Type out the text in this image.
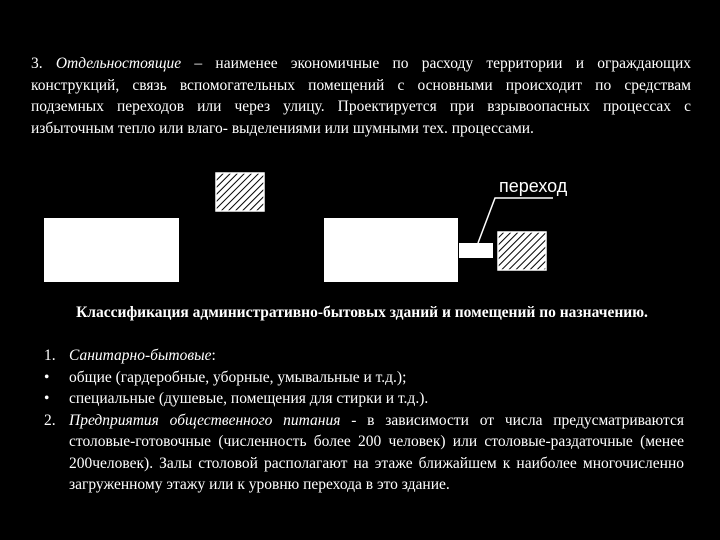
3. Отдельностоящие – наименее экономичные по расходу территории и ограждающих конструкций, связь вспомогательных помещений с основными происходит по средствам подземных переходов или через улицу. Проектируется при взрывоопасных процессах с избыточным тепло или влаго- выделениями или шумными тех. процессами.
переход
Классификация административно-бытовых зданий и помещений по назначению.
1. Санитарно-бытовые:
•	общие (гардеробные, уборные, умывальные и т.д.);
•	специальные (душевые, помещения для стирки и т.д.).
2. Предприятия общественного питания - в зависимости от числа предусматриваются столовые-готовочные (численность более 200 человек) или столовые-раздаточные (менее 200человек). Залы столовой располагают на этаже ближайшем к наиболее многочисленно загруженному этажу или к уровню перехода в это здание.
